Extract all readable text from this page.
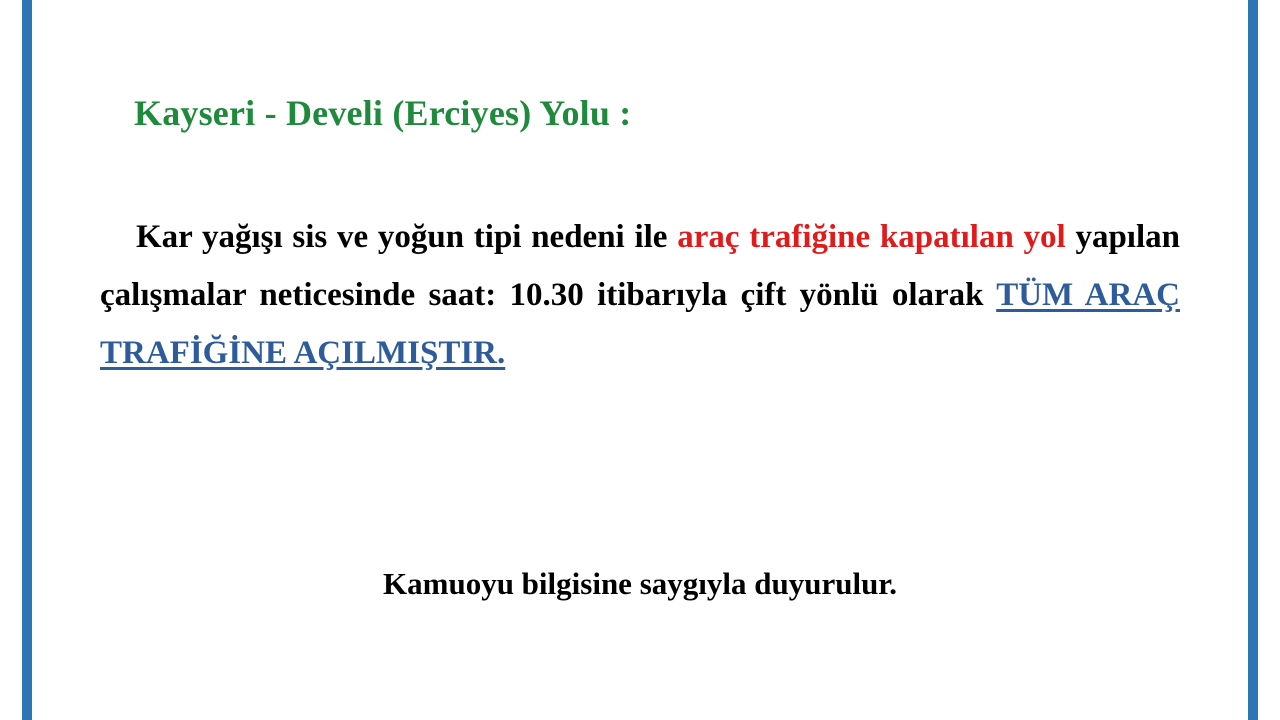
Kayseri - Develi (Erciyes) Yolu :
Kar yağışı sis ve yoğun tipi nedeni ile araç trafiğine kapatılan yol yapılan çalışmalar neticesinde saat: 10.30 itibarıyla çift yönlü olarak TÜM ARAÇ TRAFİĞİNE AÇILMIŞTIR.
Kamuoyu bilgisine saygıyla duyurulur.
